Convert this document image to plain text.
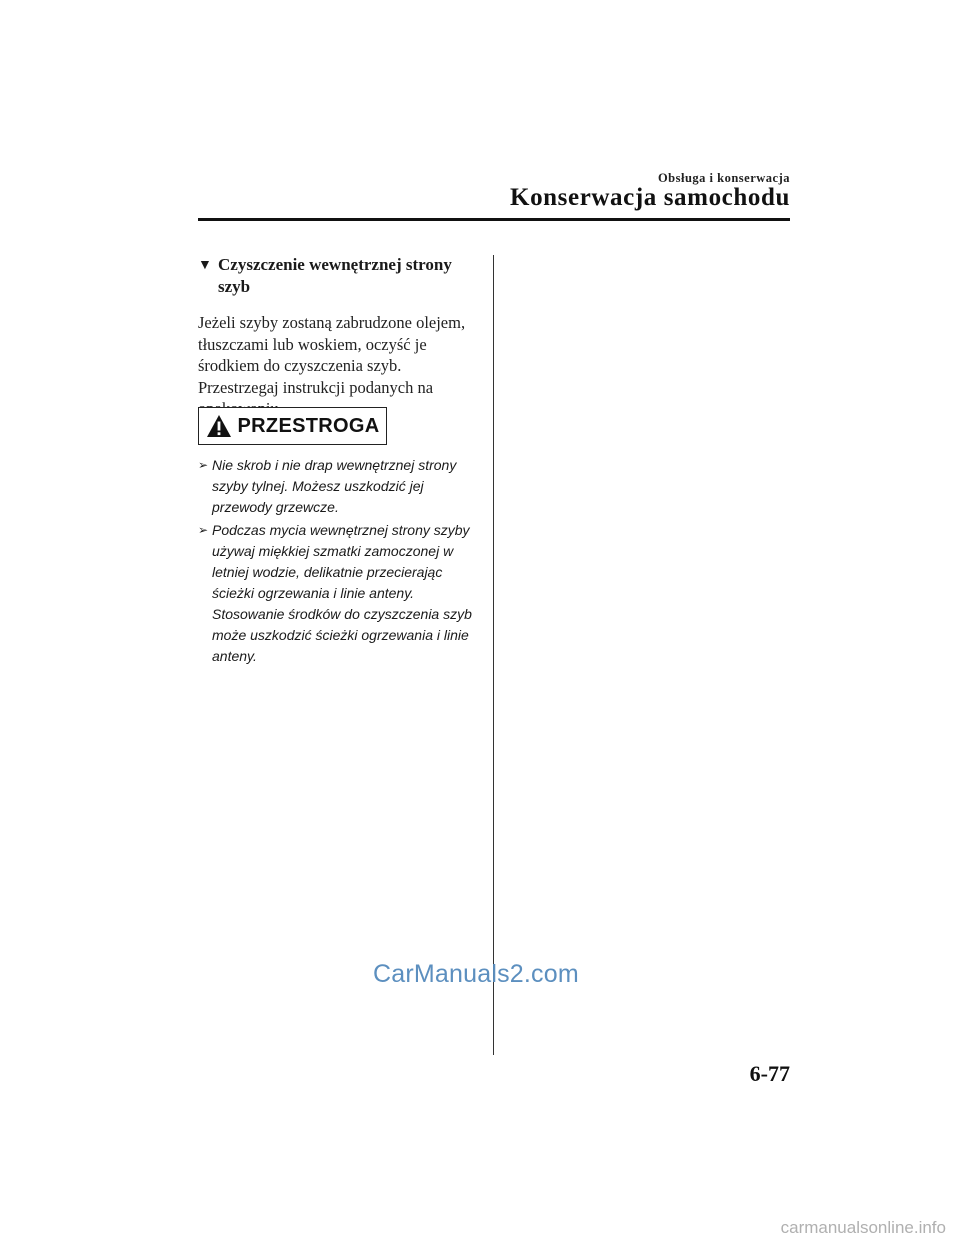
Obsługa i konserwacja
Konserwacja samochodu
▼ Czyszczenie wewnętrznej strony szyb
Jeżeli szyby zostaną zabrudzone olejem, tłuszczami lub woskiem, oczyść je środkiem do czyszczenia szyb. Przestrzegaj instrukcji podanych na
PRZESTROGA
➢ Nie skrob i nie drap wewnętrznej strony szyby tylnej. Możesz uszkodzić jej przewody grzewcze.
➢ Podczas mycia wewnętrznej strony szyby używaj miękkiej szmatki zamoczonej w letniej wodzie, delikatnie przecierając ścieżki ogrzewania i linie anteny. Stosowanie środków do czyszczenia szyb może uszkodzić ścieżki ogrzewania i linie anteny.
CarManuals2.com
6-77
carmanualsonline.info
